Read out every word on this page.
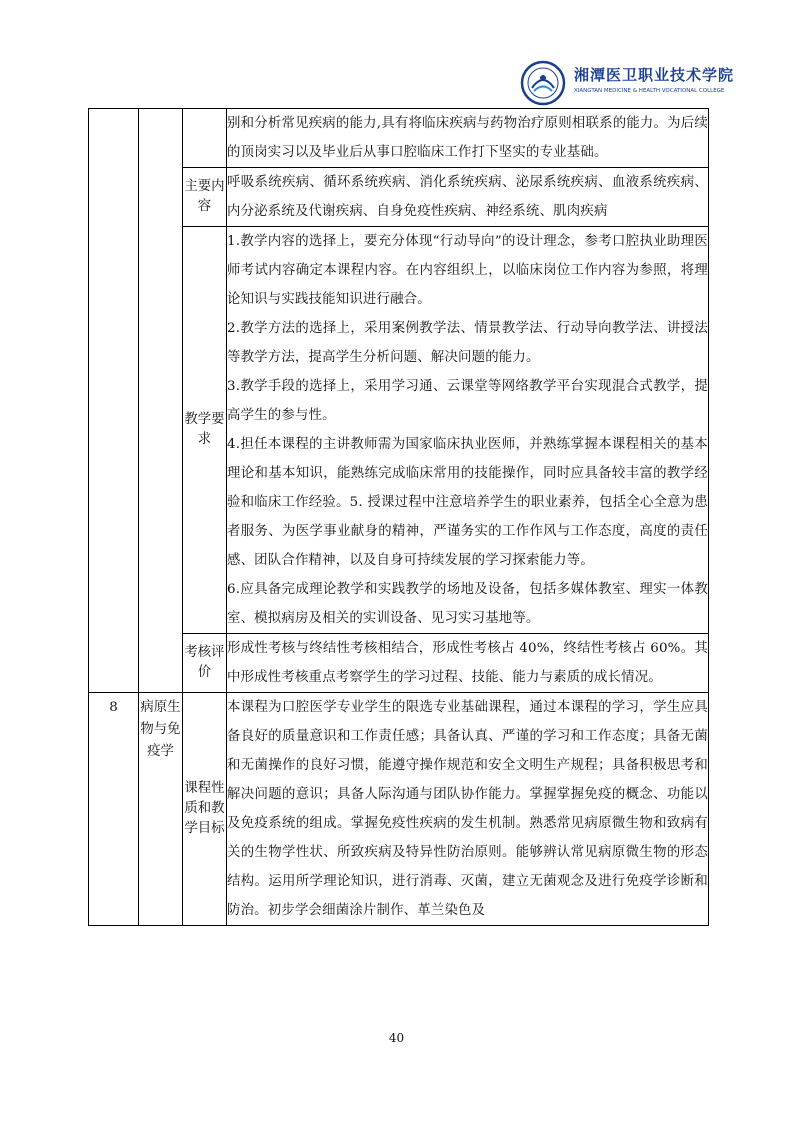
湘潭医卫职业技术学院
XIANGTAN MEDICINE & HEALTH VOCATIONAL COLLEGE

			别和分析常见疾病的能力,具有将临床疾病与药物治疗原则相联系的能力。为后续的顶岗实习以及毕业后从事口腔临床工作打下坚实的专业基础。

		主要内容	呼吸系统疾病、循环系统疾病、消化系统疾病、泌尿系统疾病、血液系统疾病、内分泌系统及代谢疾病、自身免疫性疾病、神经系统、肌肉疾病

		教学要求	1.教学内容的选择上，要充分体现“行动导向”的设计理念，参考口腔执业助理医师考试内容确定本课程内容。在内容组织上，以临床岗位工作内容为参照，将理论知识与实践技能知识进行融合。

2.教学方法的选择上，采用案例教学法、情景教学法、行动导向教学法、讲授法等教学方法，提高学生分析问题、解决问题的能力。

3.教学手段的选择上，采用学习通、云课堂等网络教学平台实现混合式教学，提高学生的参与性。

4.担任本课程的主讲教师需为国家临床执业医师，并熟练掌握本课程相关的基本理论和基本知识，能熟练完成临床常用的技能操作，同时应具备较丰富的教学经验和临床工作经验。5. 授课过程中注意培养学生的职业素养，包括全心全意为患者服务、为医学事业献身的精神，严谨务实的工作作风与工作态度，高度的责任感、团队合作精神，以及自身可持续发展的学习探索能力等。

6.应具备完成理论教学和实践教学的场地及设备，包括多媒体教室、理实一体教室、模拟病房及相关的实训设备、见习实习基地等。

		考核评价	形成性考核与终结性考核相结合，形成性考核占 40%，终结性考核占 60%。其中形成性考核重点考察学生的学习过程、技能、能力与素质的成长情况。

8	病原生物与免疫学	课程性质和教学目标	本课程为口腔医学专业学生的限选专业基础课程，通过本课程的学习，学生应具备良好的质量意识和工作责任感；具备认真、严谨的学习和工作态度；具备无菌和无菌操作的良好习惯，能遵守操作规范和安全文明生产规程；具备积极思考和解决问题的意识；具备人际沟通与团队协作能力。掌握掌握免疫的概念、功能以及免疫系统的组成。掌握免疫性疾病的发生机制。熟悉常见病原微生物和致病有关的生物学性状、所致疾病及特异性防治原则。能够辨认常见病原微生物的形态结构。运用所学理论知识，进行消毒、灭菌，建立无菌观念及进行免疫学诊断和防治。初步学会细菌涂片制作、革兰染色及

40
